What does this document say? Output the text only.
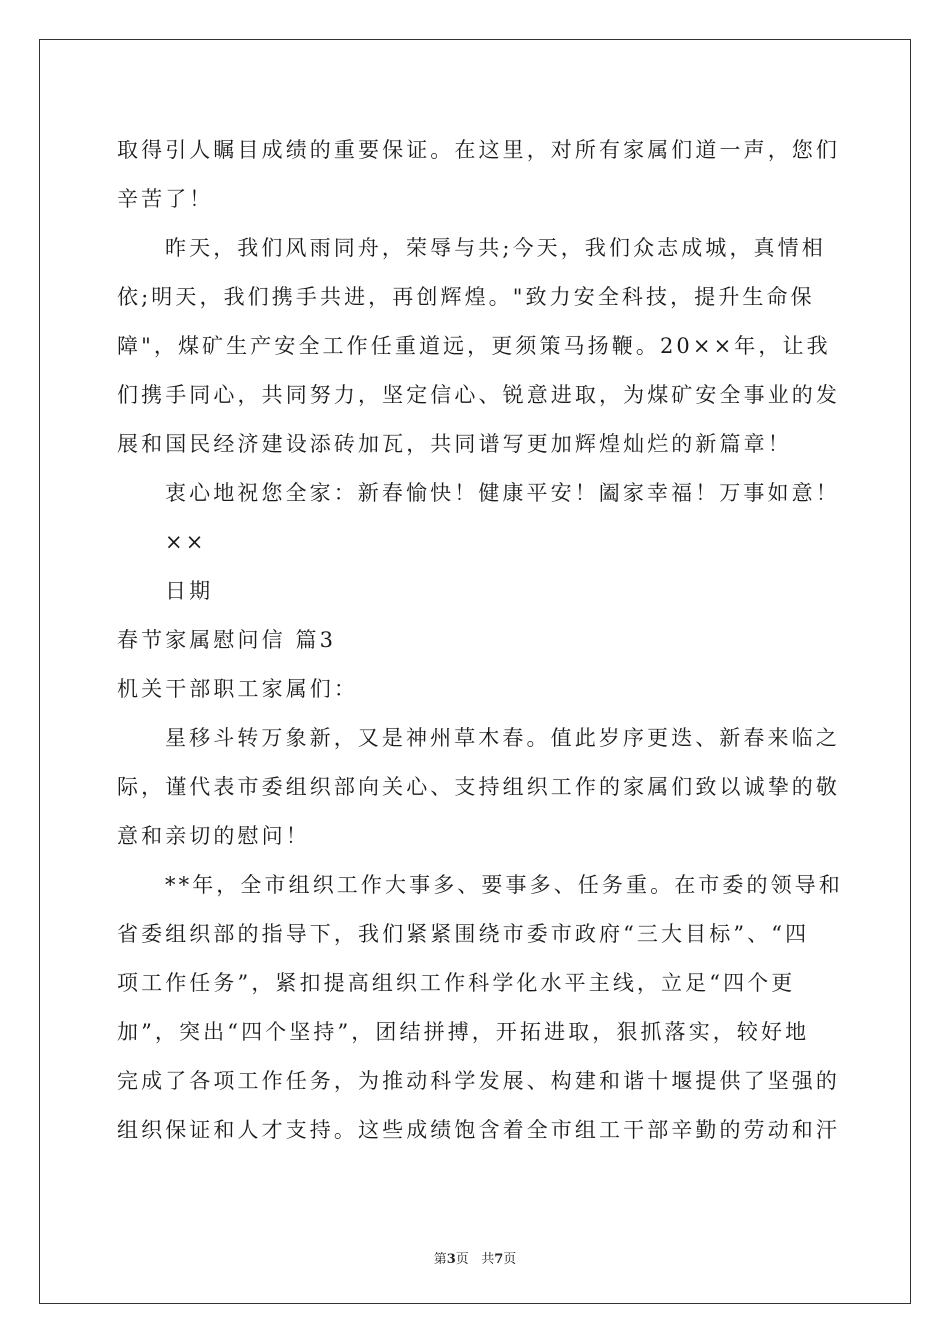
取得引人瞩目成绩的重要保证。在这里，对所有家属们道一声，您们
辛苦了！
昨天，我们风雨同舟，荣辱与共;今天，我们众志成城，真情相
依;明天，我们携手共进，再创辉煌。"致力安全科技，提升生命保
障"，煤矿生产安全工作任重道远，更须策马扬鞭。20××年，让我
们携手同心，共同努力，坚定信心、锐意进取，为煤矿安全事业的发
展和国民经济建设添砖加瓦，共同谱写更加辉煌灿烂的新篇章！
衷心地祝您全家：新春愉快！健康平安！阖家幸福！万事如意！
××
日期
春节家属慰问信 篇3
机关干部职工家属们：
星移斗转万象新，又是神州草木春。值此岁序更迭、新春来临之
际，谨代表市委组织部向关心、支持组织工作的家属们致以诚挚的敬
意和亲切的慰问！
**年，全市组织工作大事多、要事多、任务重。在市委的领导和
省委组织部的指导下，我们紧紧围绕市委市政府“三大目标”、“四
项工作任务”，紧扣提高组织工作科学化水平主线，立足“四个更
加”，突出“四个坚持”，团结拼搏，开拓进取，狠抓落实，较好地
完成了各项工作任务，为推动科学发展、构建和谐十堰提供了坚强的
组织保证和人才支持。这些成绩饱含着全市组工干部辛勤的劳动和汗
第3页 共7页
